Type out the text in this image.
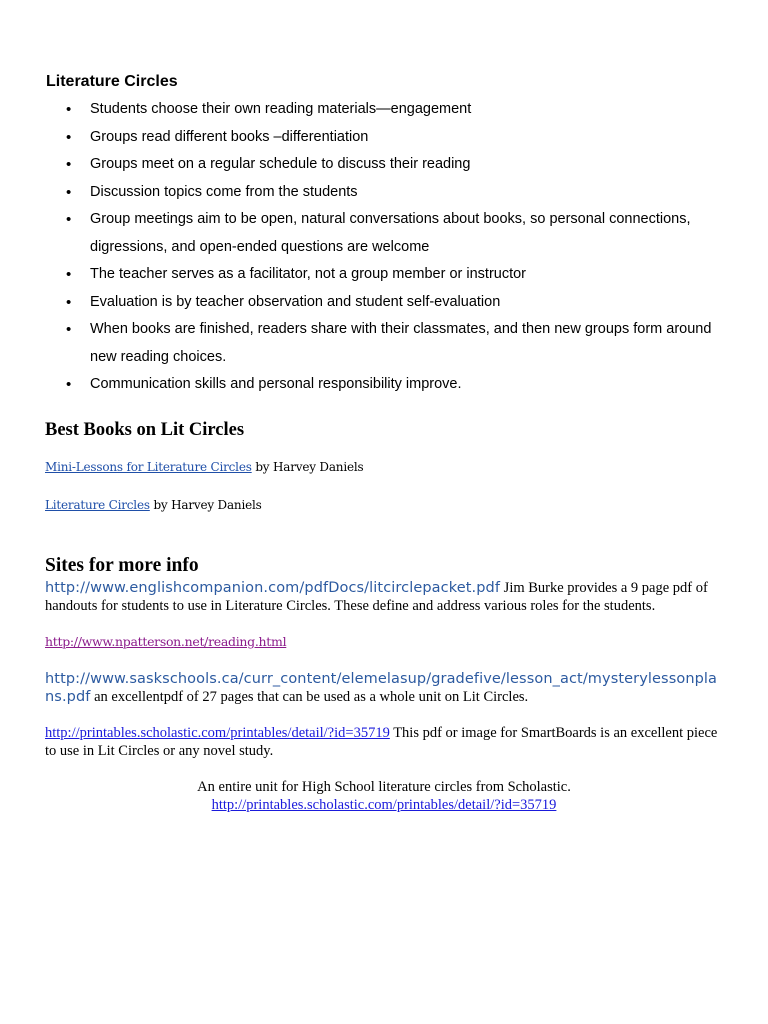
Literature Circles
• Students choose their own reading materials—engagement
• Groups read different books –differentiation
• Groups meet on a regular schedule to discuss their reading
• Discussion topics come from the students
• Group meetings aim to be open, natural conversations about books, so personal connections, digressions, and open-ended questions are welcome
• The teacher serves as a facilitator, not a group member or instructor
• Evaluation is by teacher observation and student self-evaluation
• When books are finished, readers share with their classmates, and then new groups form around new reading choices.
• Communication skills and personal responsibility improve.
Best Books on Lit Circles
Mini-Lessons for Literature Circles by Harvey Daniels
Literature Circles by Harvey Daniels
Sites for more info
http://www.englishcompanion.com/pdfDocs/litcirclepacket.pdf Jim Burke provides a 9 page pdf of handouts for students to use in Literature Circles. These define and address various roles for the students.
http://www.npatterson.net/reading.html
http://www.saskschools.ca/curr_content/elemelasup/gradefive/lesson_act/mysterylessonplans.pdf an excellentpdf of 27 pages that can be used as a whole unit on Lit Circles.
http://printables.scholastic.com/printables/detail/?id=35719 This pdf or image for SmartBoards is an excellent piece to use in Lit Circles or any novel study.
An entire unit for High School literature circles from Scholastic.
http://printables.scholastic.com/printables/detail/?id=35719
